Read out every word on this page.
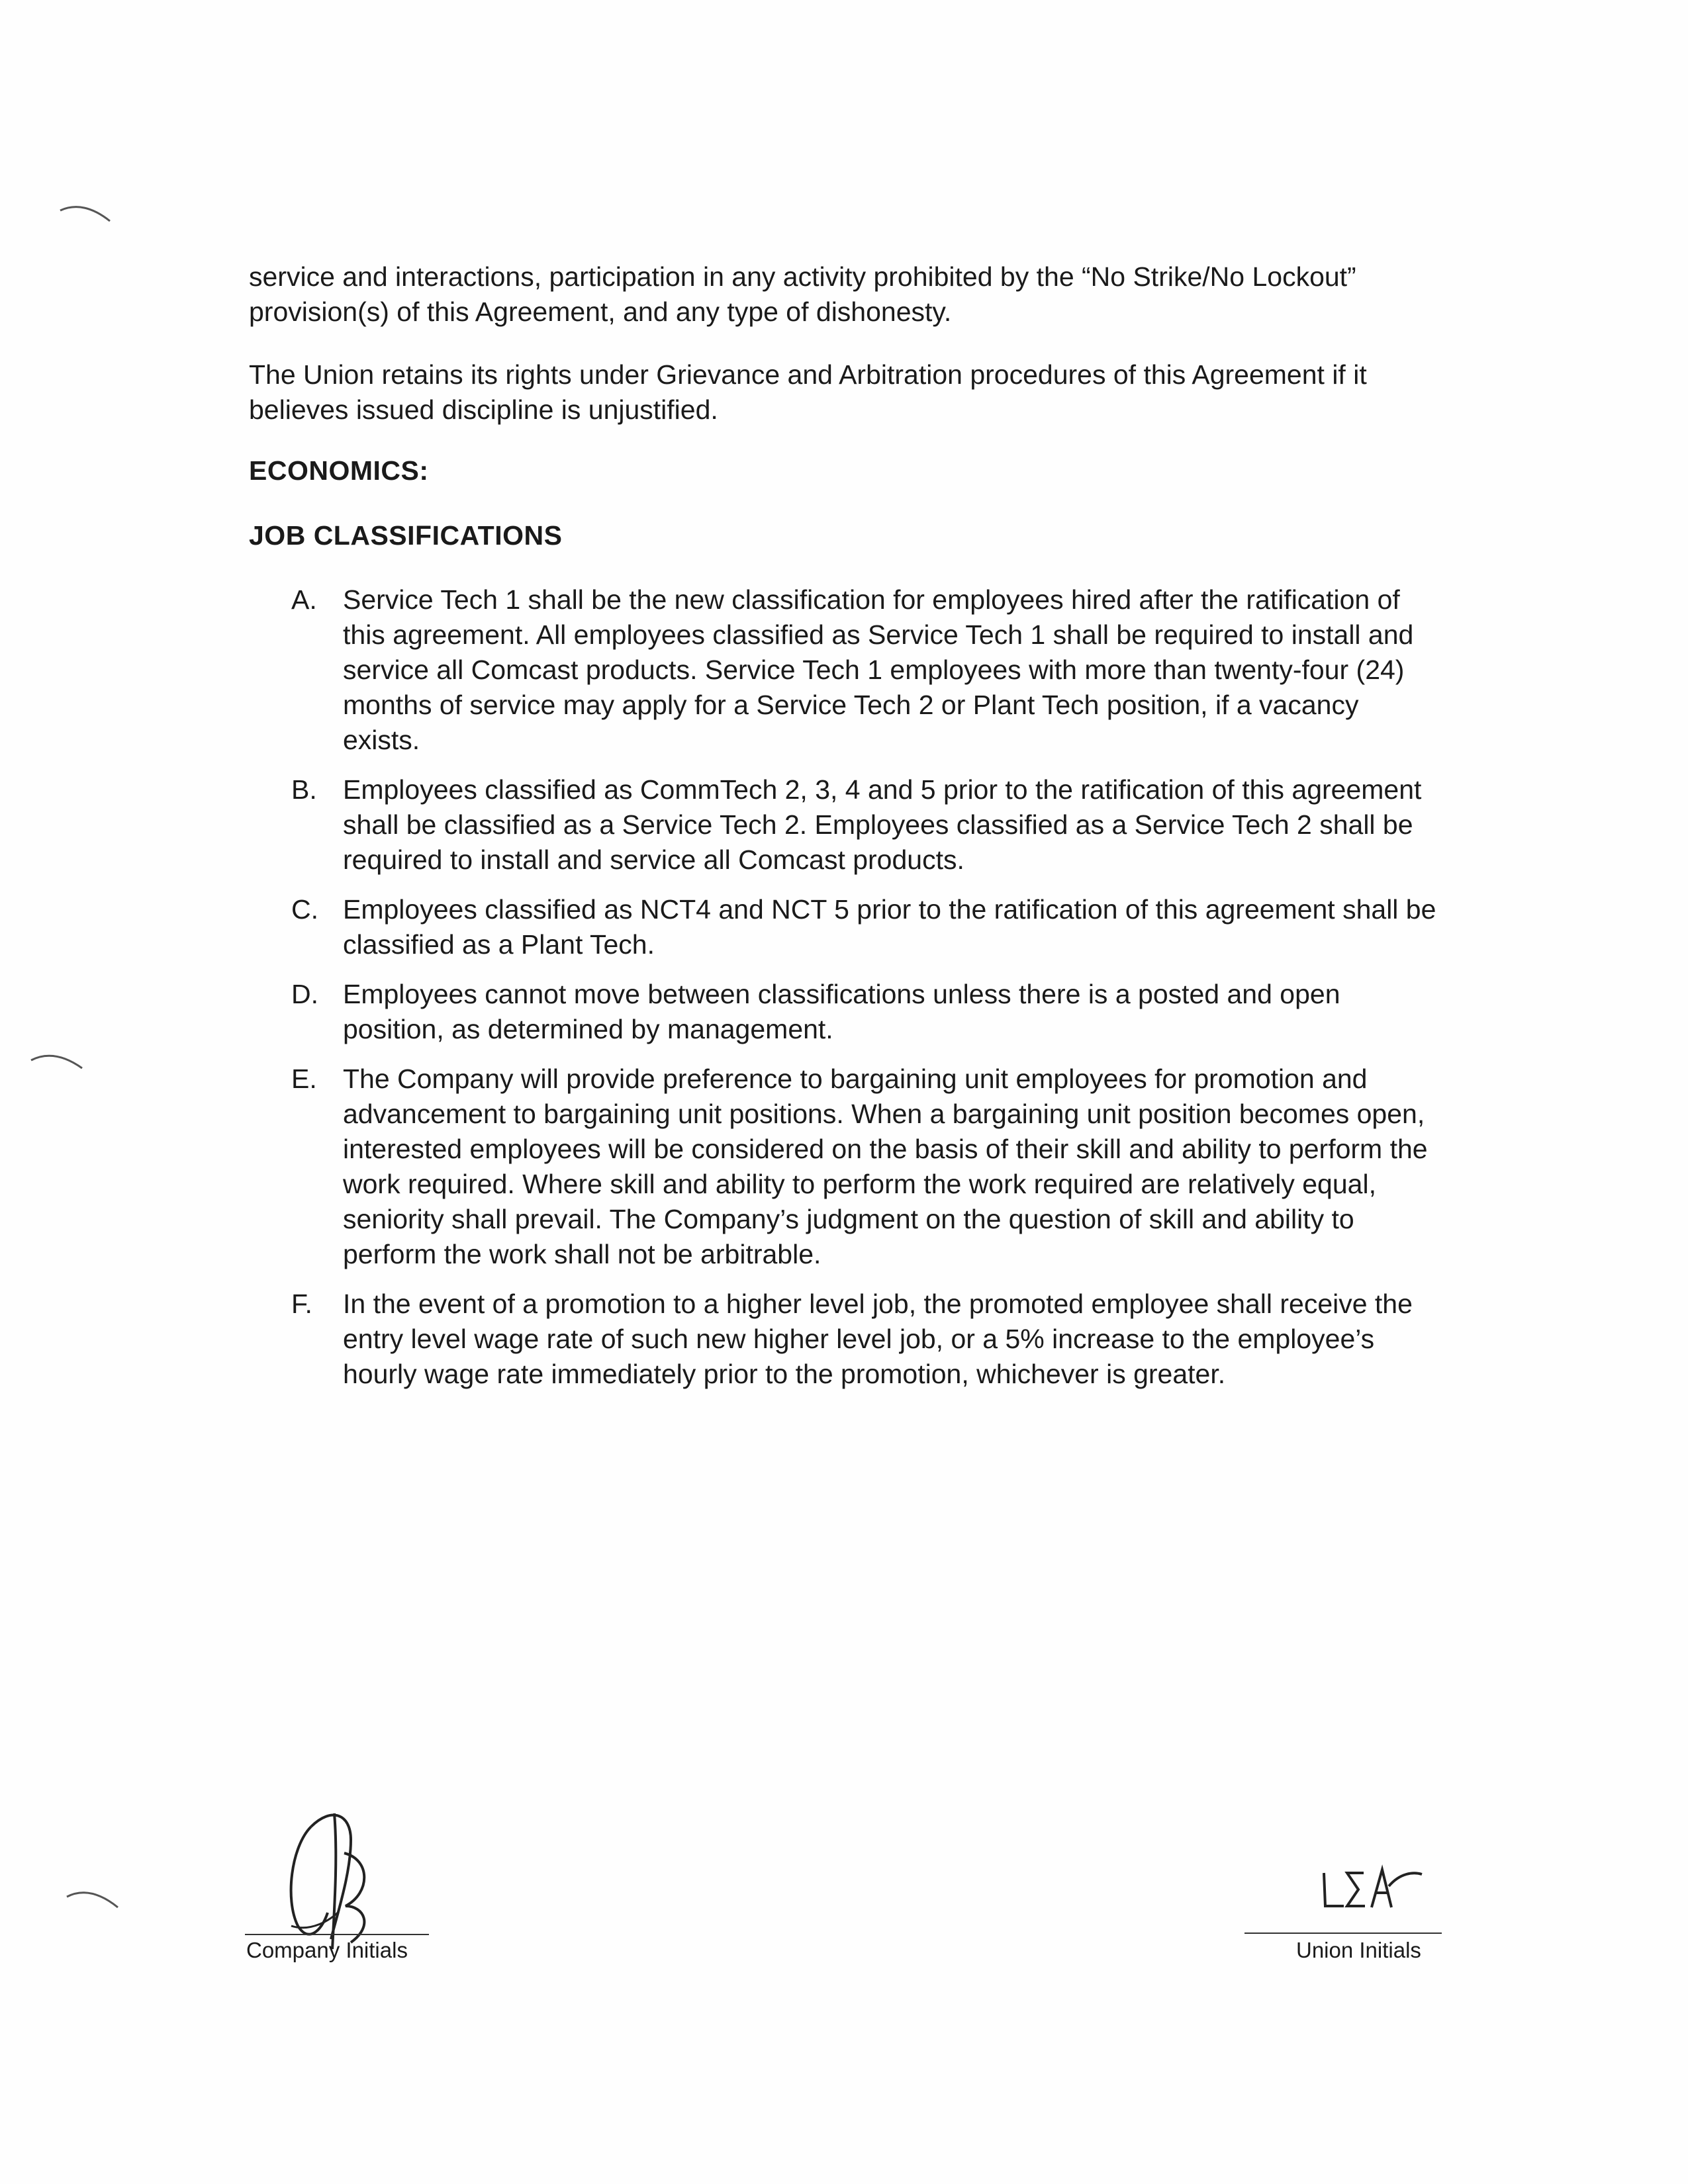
service and interactions, participation in any activity prohibited by the “No Strike/No Lockout” provision(s) of this Agreement, and any type of dishonesty.

The Union retains its rights under Grievance and Arbitration procedures of this Agreement if it believes issued discipline is unjustified.

ECONOMICS:
JOB CLASSIFICATIONS
A. Service Tech 1 shall be the new classification for employees hired after the ratification of this agreement. All employees classified as Service Tech 1 shall be required to install and service all Comcast products. Service Tech 1 employees with more than twenty-four (24) months of service may apply for a Service Tech 2 or Plant Tech position, if a vacancy exists.
B. Employees classified as CommTech 2, 3, 4 and 5 prior to the ratification of this agreement shall be classified as a Service Tech 2. Employees classified as a Service Tech 2 shall be required to install and service all Comcast products.
C. Employees classified as NCT4 and NCT 5 prior to the ratification of this agreement shall be classified as a Plant Tech.
D. Employees cannot move between classifications unless there is a posted and open position, as determined by management.
E. The Company will provide preference to bargaining unit employees for promotion and advancement to bargaining unit positions. When a bargaining unit position becomes open, interested employees will be considered on the basis of their skill and ability to perform the work required. Where skill and ability to perform the work required are relatively equal, seniority shall prevail. The Company’s judgment on the question of skill and ability to perform the work shall not be arbitrable.
F. In the event of a promotion to a higher level job, the promoted employee shall receive the entry level wage rate of such new higher level job, or a 5% increase to the employee’s hourly wage rate immediately prior to the promotion, whichever is greater.
Company Initials	Union Initials
